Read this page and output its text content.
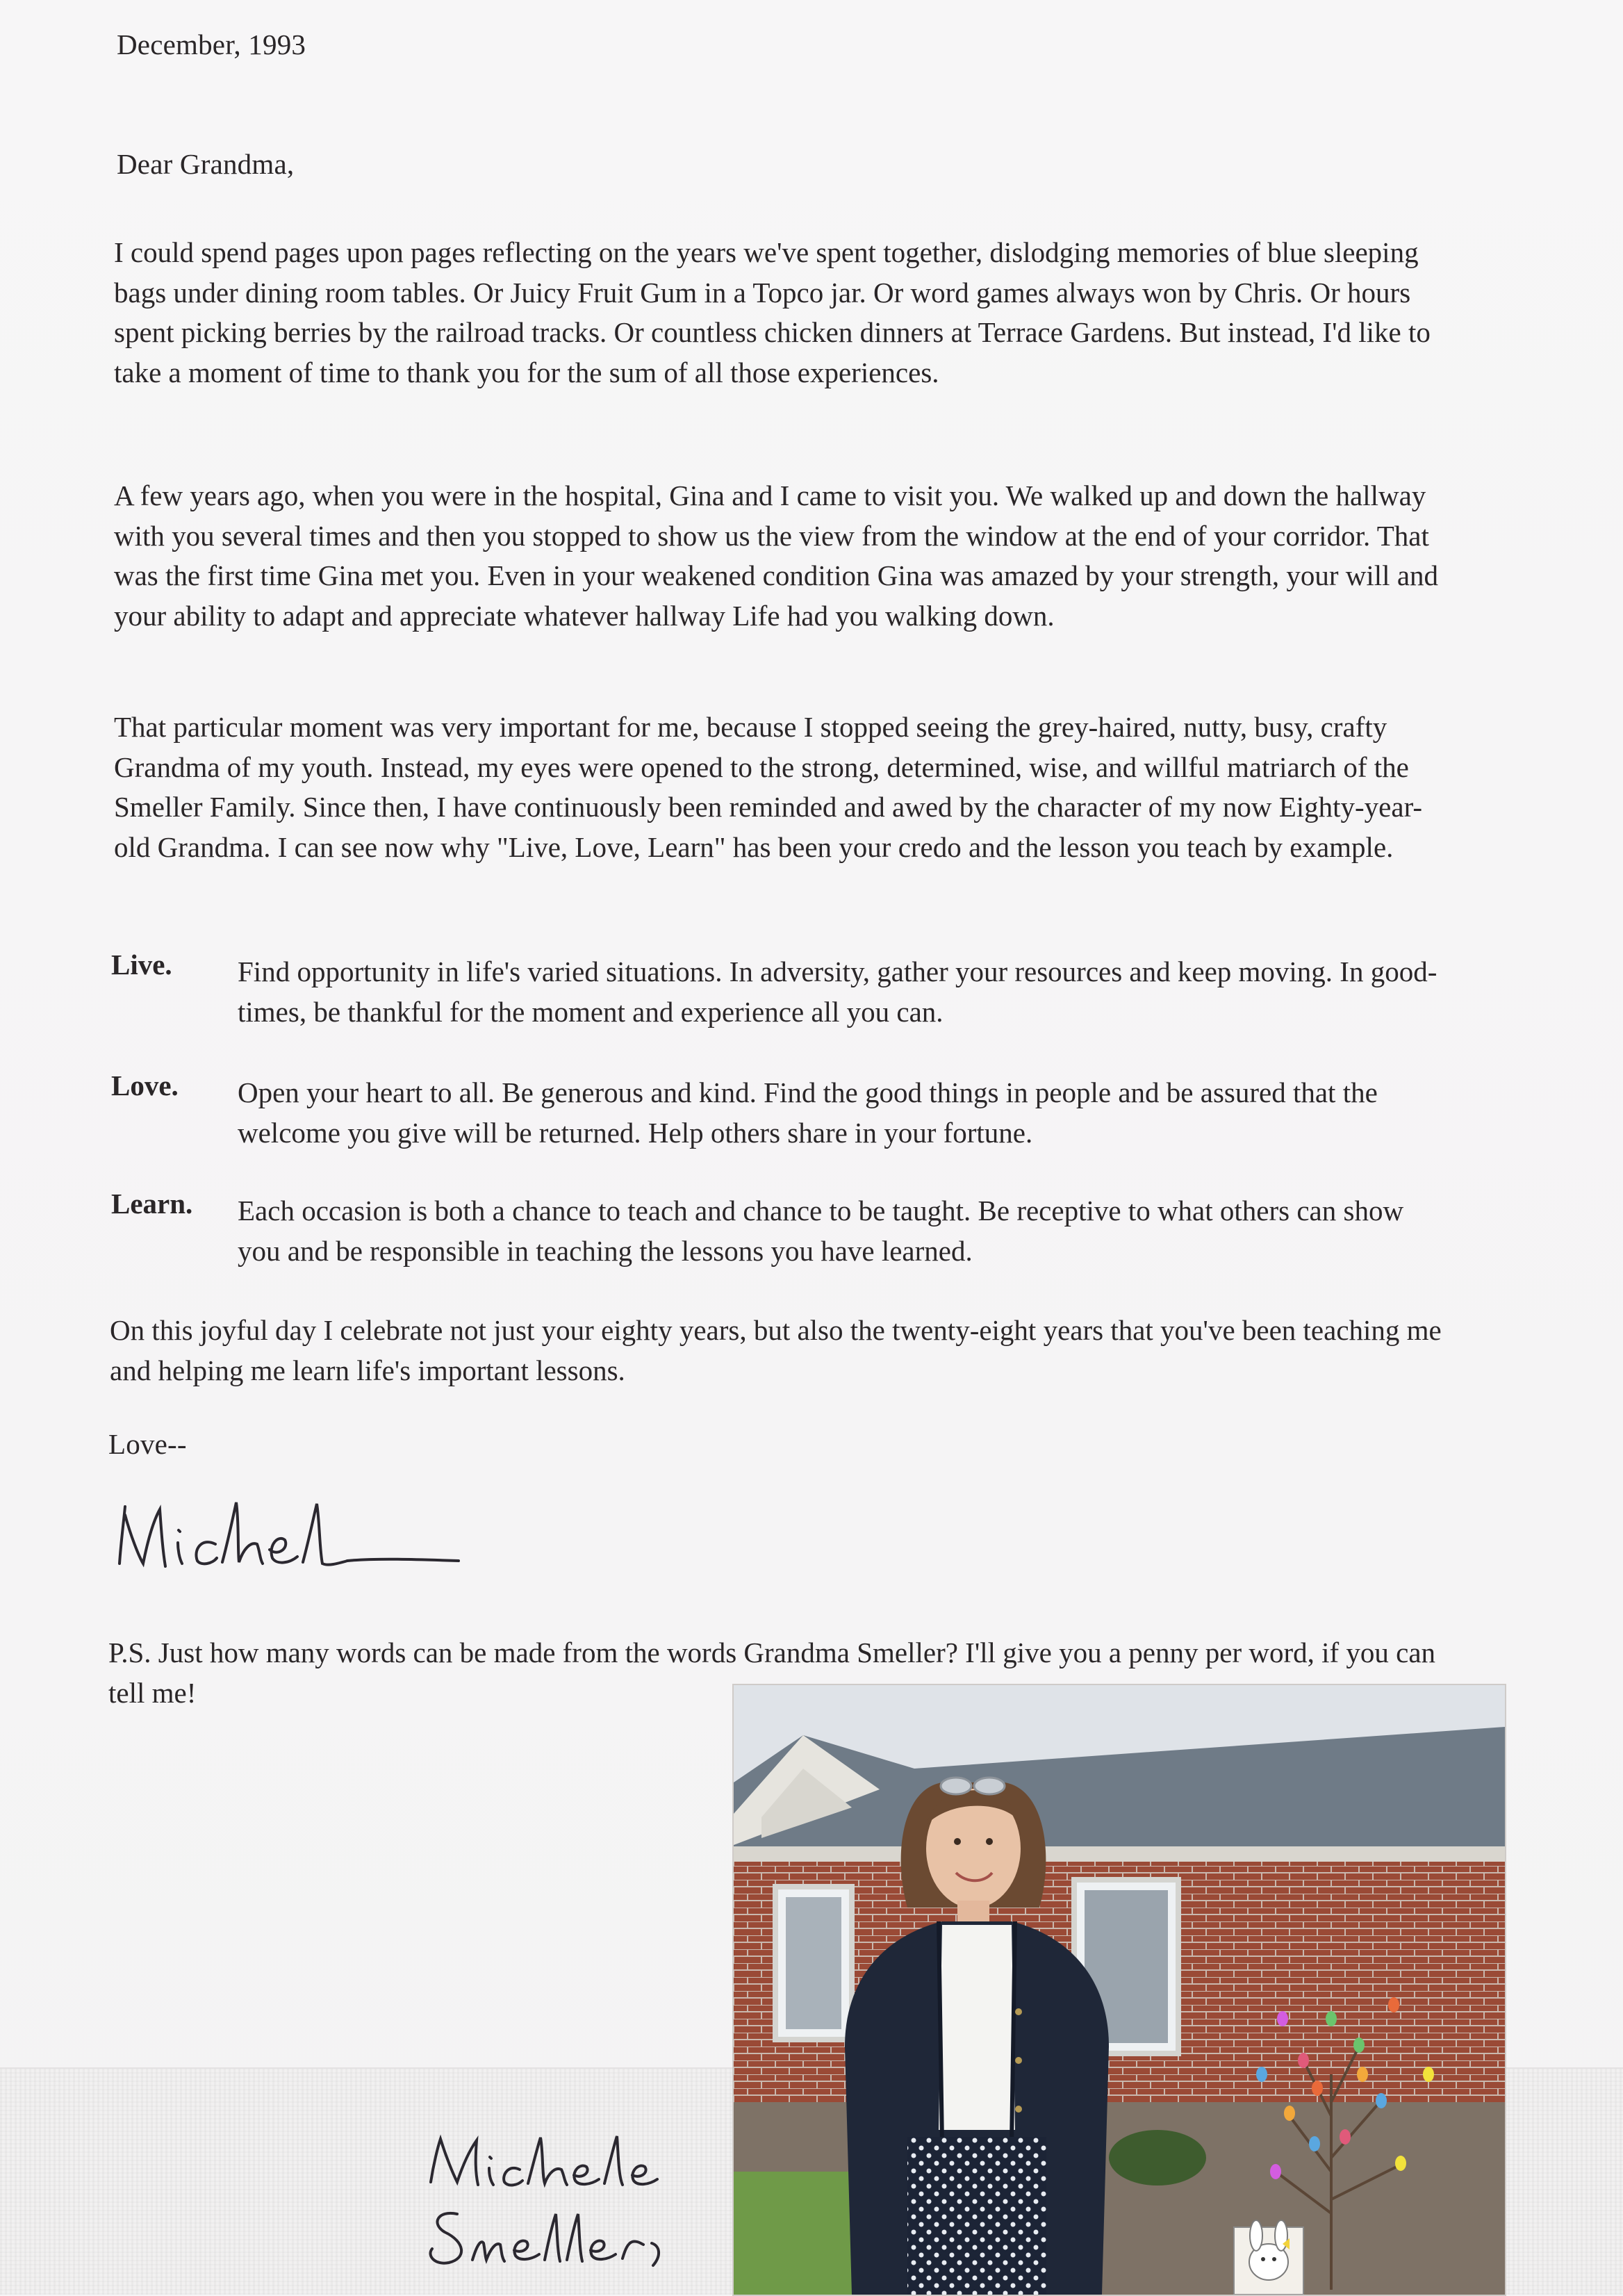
December, 1993
Dear Grandma,

I could spend pages upon pages reflecting on the years we've spent together, dislodging memories of blue sleeping bags under dining room tables. Or Juicy Fruit Gum in a Topco jar. Or word games always won by Chris. Or hours spent picking berries by the railroad tracks. Or countless chicken dinners at Terrace Gardens. But instead, I'd like to take a moment of time to thank you for the sum of all those experiences.

A few years ago, when you were in the hospital, Gina and I came to visit you. We walked up and down the hallway with you several times and then you stopped to show us the view from the window at the end of your corridor. That was the first time Gina met you. Even in your weakened condition Gina was amazed by your strength, your will and your ability to adapt and appreciate whatever hallway Life had you walking down.

That particular moment was very important for me, because I stopped seeing the grey-haired, nutty, busy, crafty Grandma of my youth. Instead, my eyes were opened to the strong, determined, wise, and willful matriarch of the Smeller Family. Since then, I have continuously been reminded and awed by the character of my now Eighty-year-old Grandma. I can see now why "Live, Love, Learn" has been your credo and the lesson you teach by example.

Live. Find opportunity in life's varied situations. In adversity, gather your resources and keep moving. In good-times, be thankful for the moment and experience all you can.
Love. Open your heart to all. Be generous and kind. Find the good things in people and be assured that the welcome you give will be returned. Help others share in your fortune.
Learn. Each occasion is both a chance to teach and chance to be taught. Be receptive to what others can show you and be responsible in teaching the lessons you have learned.

On this joyful day I celebrate not just your eighty years, but also the twenty-eight years that you've been teaching me and helping me learn life's important lessons.

Love--

P.S. Just how many words can be made from the words Grandma Smeller? I'll give you a penny per word, if you can tell me!
